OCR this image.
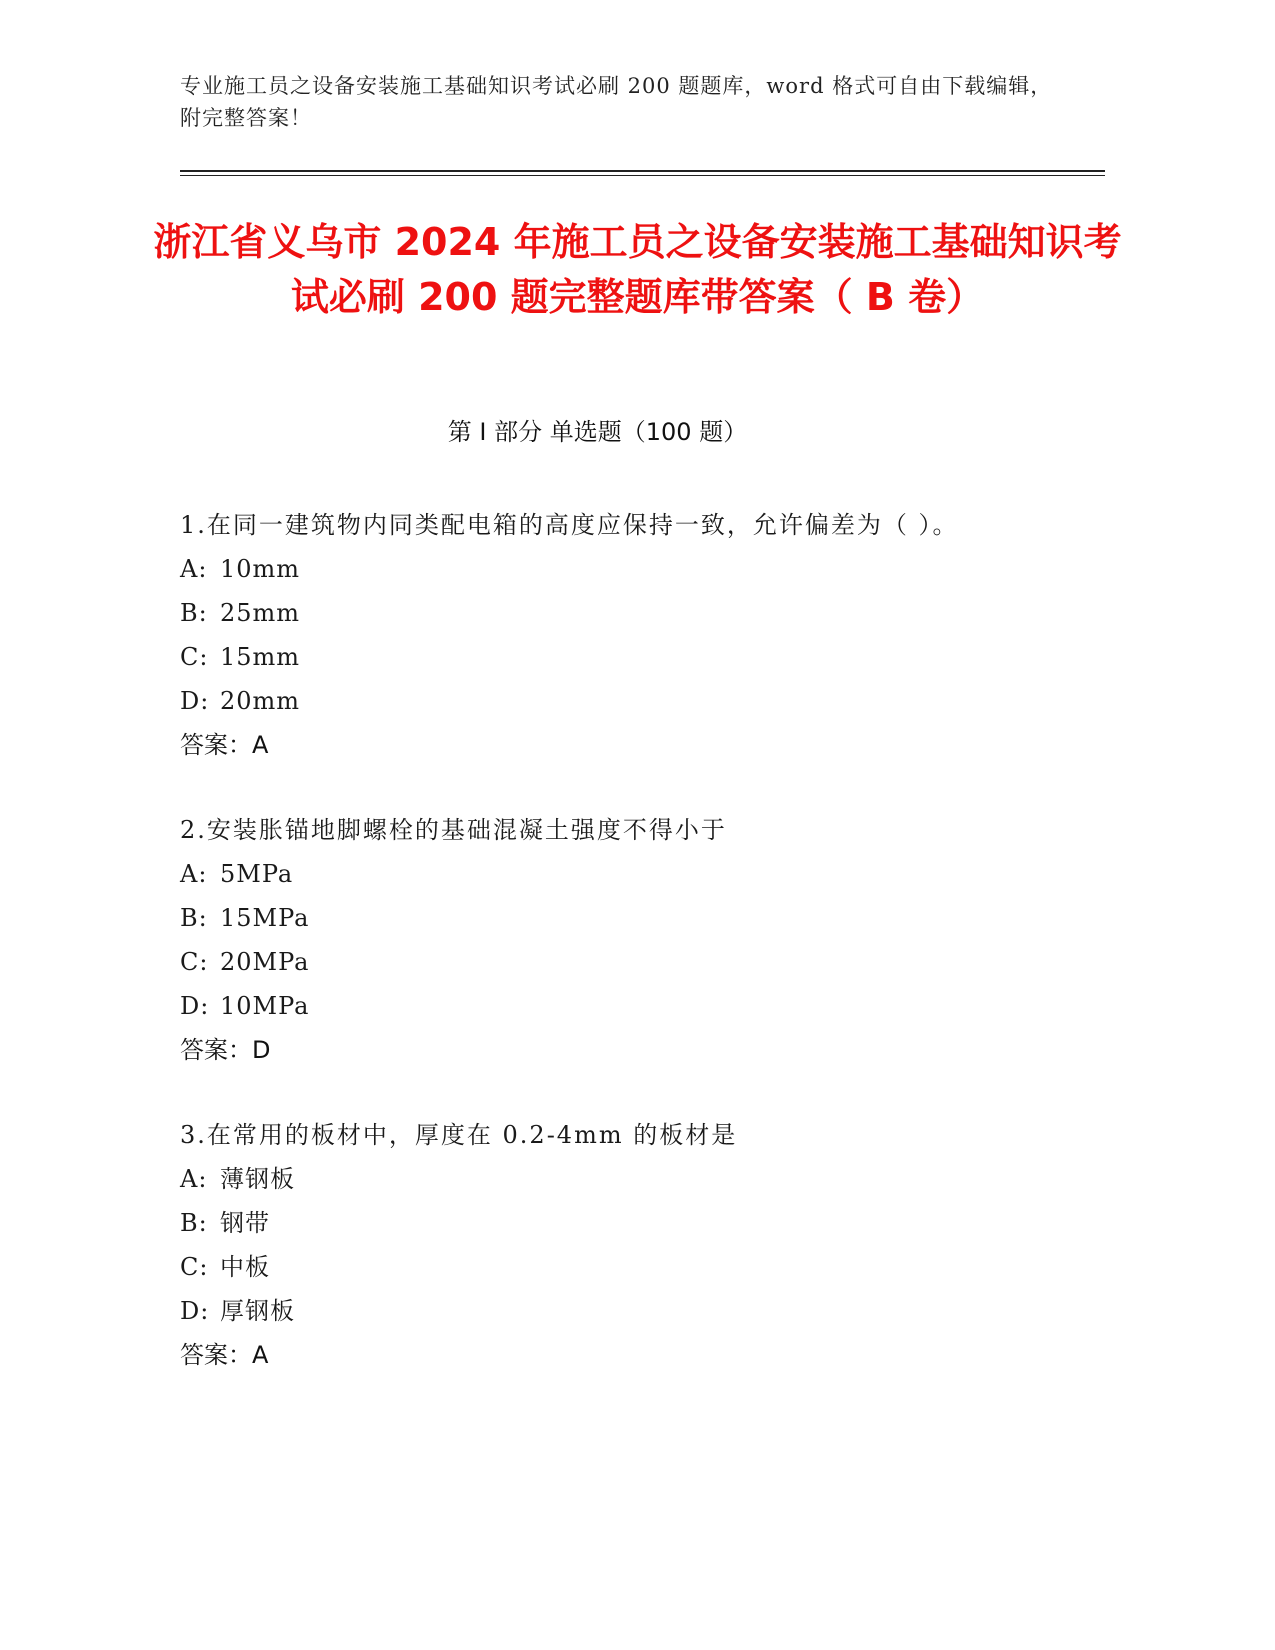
专业施工员之设备安装施工基础知识考试必刷 200 题题库，word 格式可自由下载编辑，附完整答案！
浙江省义乌市 2024 年施工员之设备安装施工基础知识考试必刷 200 题完整题库带答案（ B 卷）
第 I 部分 单选题（100 题）
1.在同一建筑物内同类配电箱的高度应保持一致，允许偏差为（ ）。
A: 10mm
B: 25mm
C: 15mm
D: 20mm
答案：A
2.安装胀锚地脚螺栓的基础混凝土强度不得小于
A: 5MPa
B: 15MPa
C: 20MPa
D: 10MPa
答案：D
3.在常用的板材中，厚度在 0.2-4mm 的板材是
A: 薄钢板
B: 钢带
C: 中板
D: 厚钢板
答案：A
